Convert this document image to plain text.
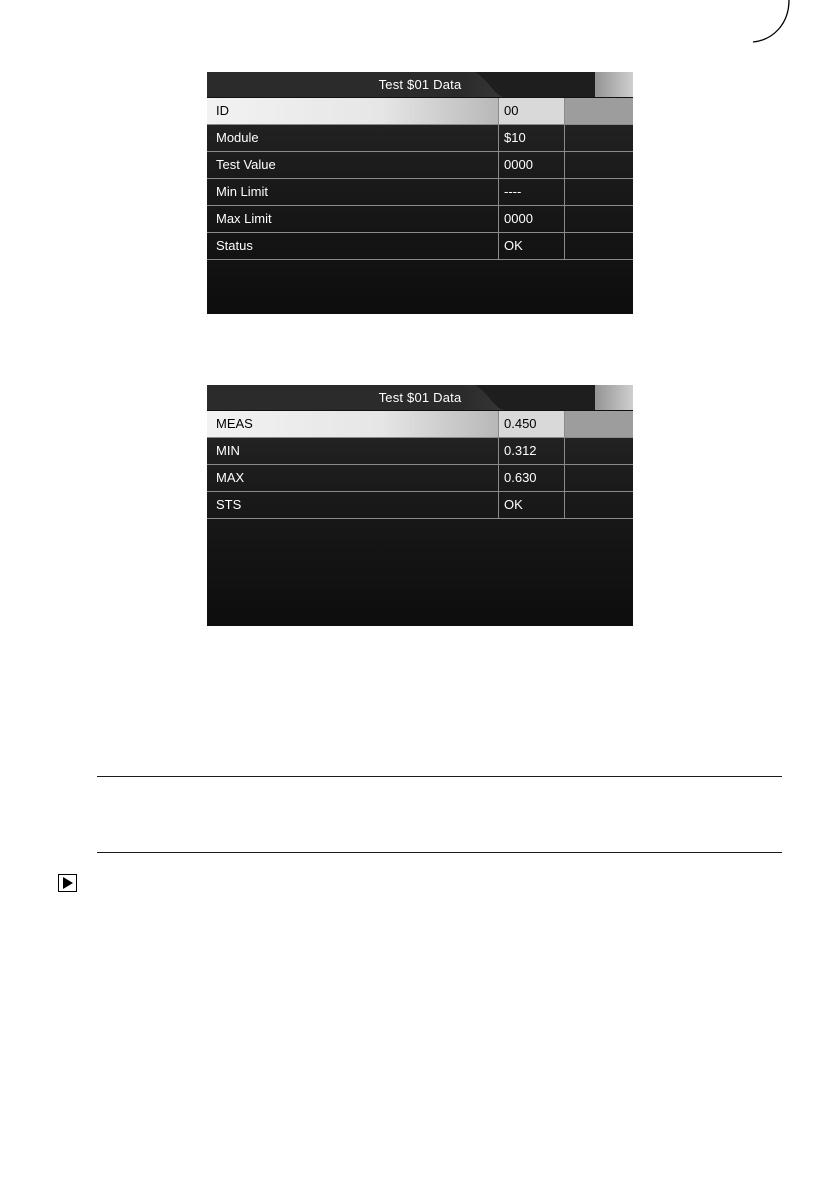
Test $01 Data
ID	00
Module	$10
Test Value	0000
Min Limit	----
Max Limit	0000
Status	OK
Test $01 Data
MEAS	0.450
MIN	0.312
MAX	0.630
STS	OK
